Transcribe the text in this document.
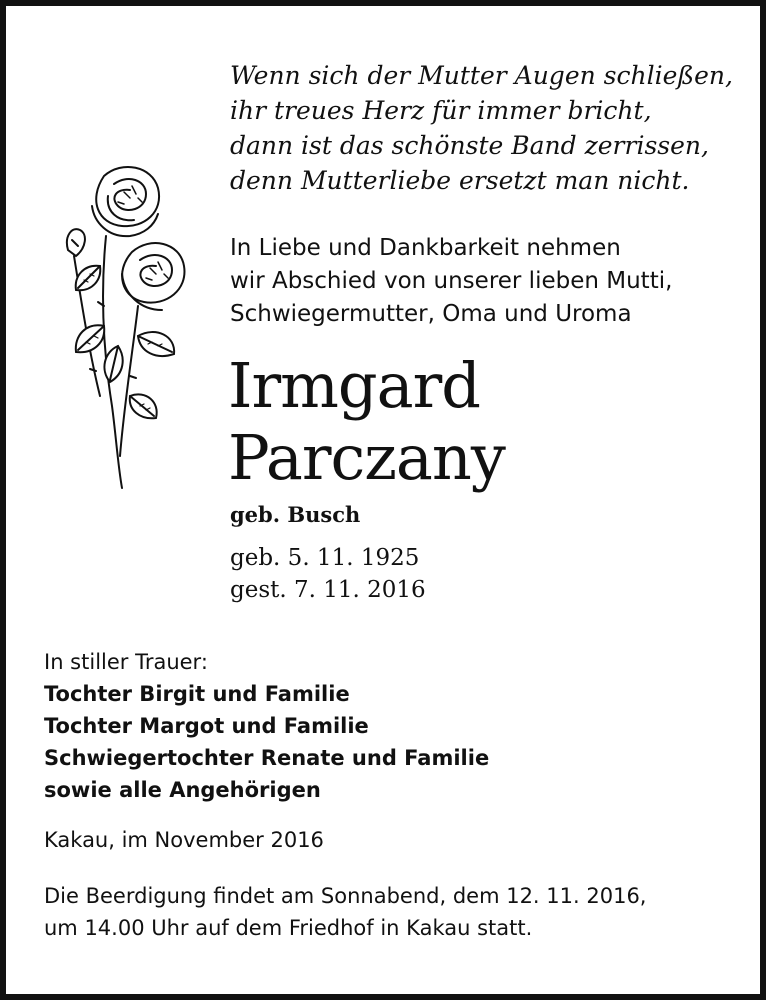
Wenn sich der Mutter Augen schließen,
ihr treues Herz für immer bricht,
dann ist das schönste Band zerrissen,
denn Mutterliebe ersetzt man nicht.
In Liebe und Dankbarkeit nehmen
wir Abschied von unserer lieben Mutti,
Schwiegermutter, Oma und Uroma
Irmgard
Parczany
geb. Busch
geb. 5. 11. 1925
gest. 7. 11. 2016
In stiller Trauer:
Tochter Birgit und Familie
Tochter Margot und Familie
Schwiegertochter Renate und Familie
sowie alle Angehörigen
Kakau, im November 2016
Die Beerdigung findet am Sonnabend, dem 12. 11. 2016,
um 14.00 Uhr auf dem Friedhof in Kakau statt.
